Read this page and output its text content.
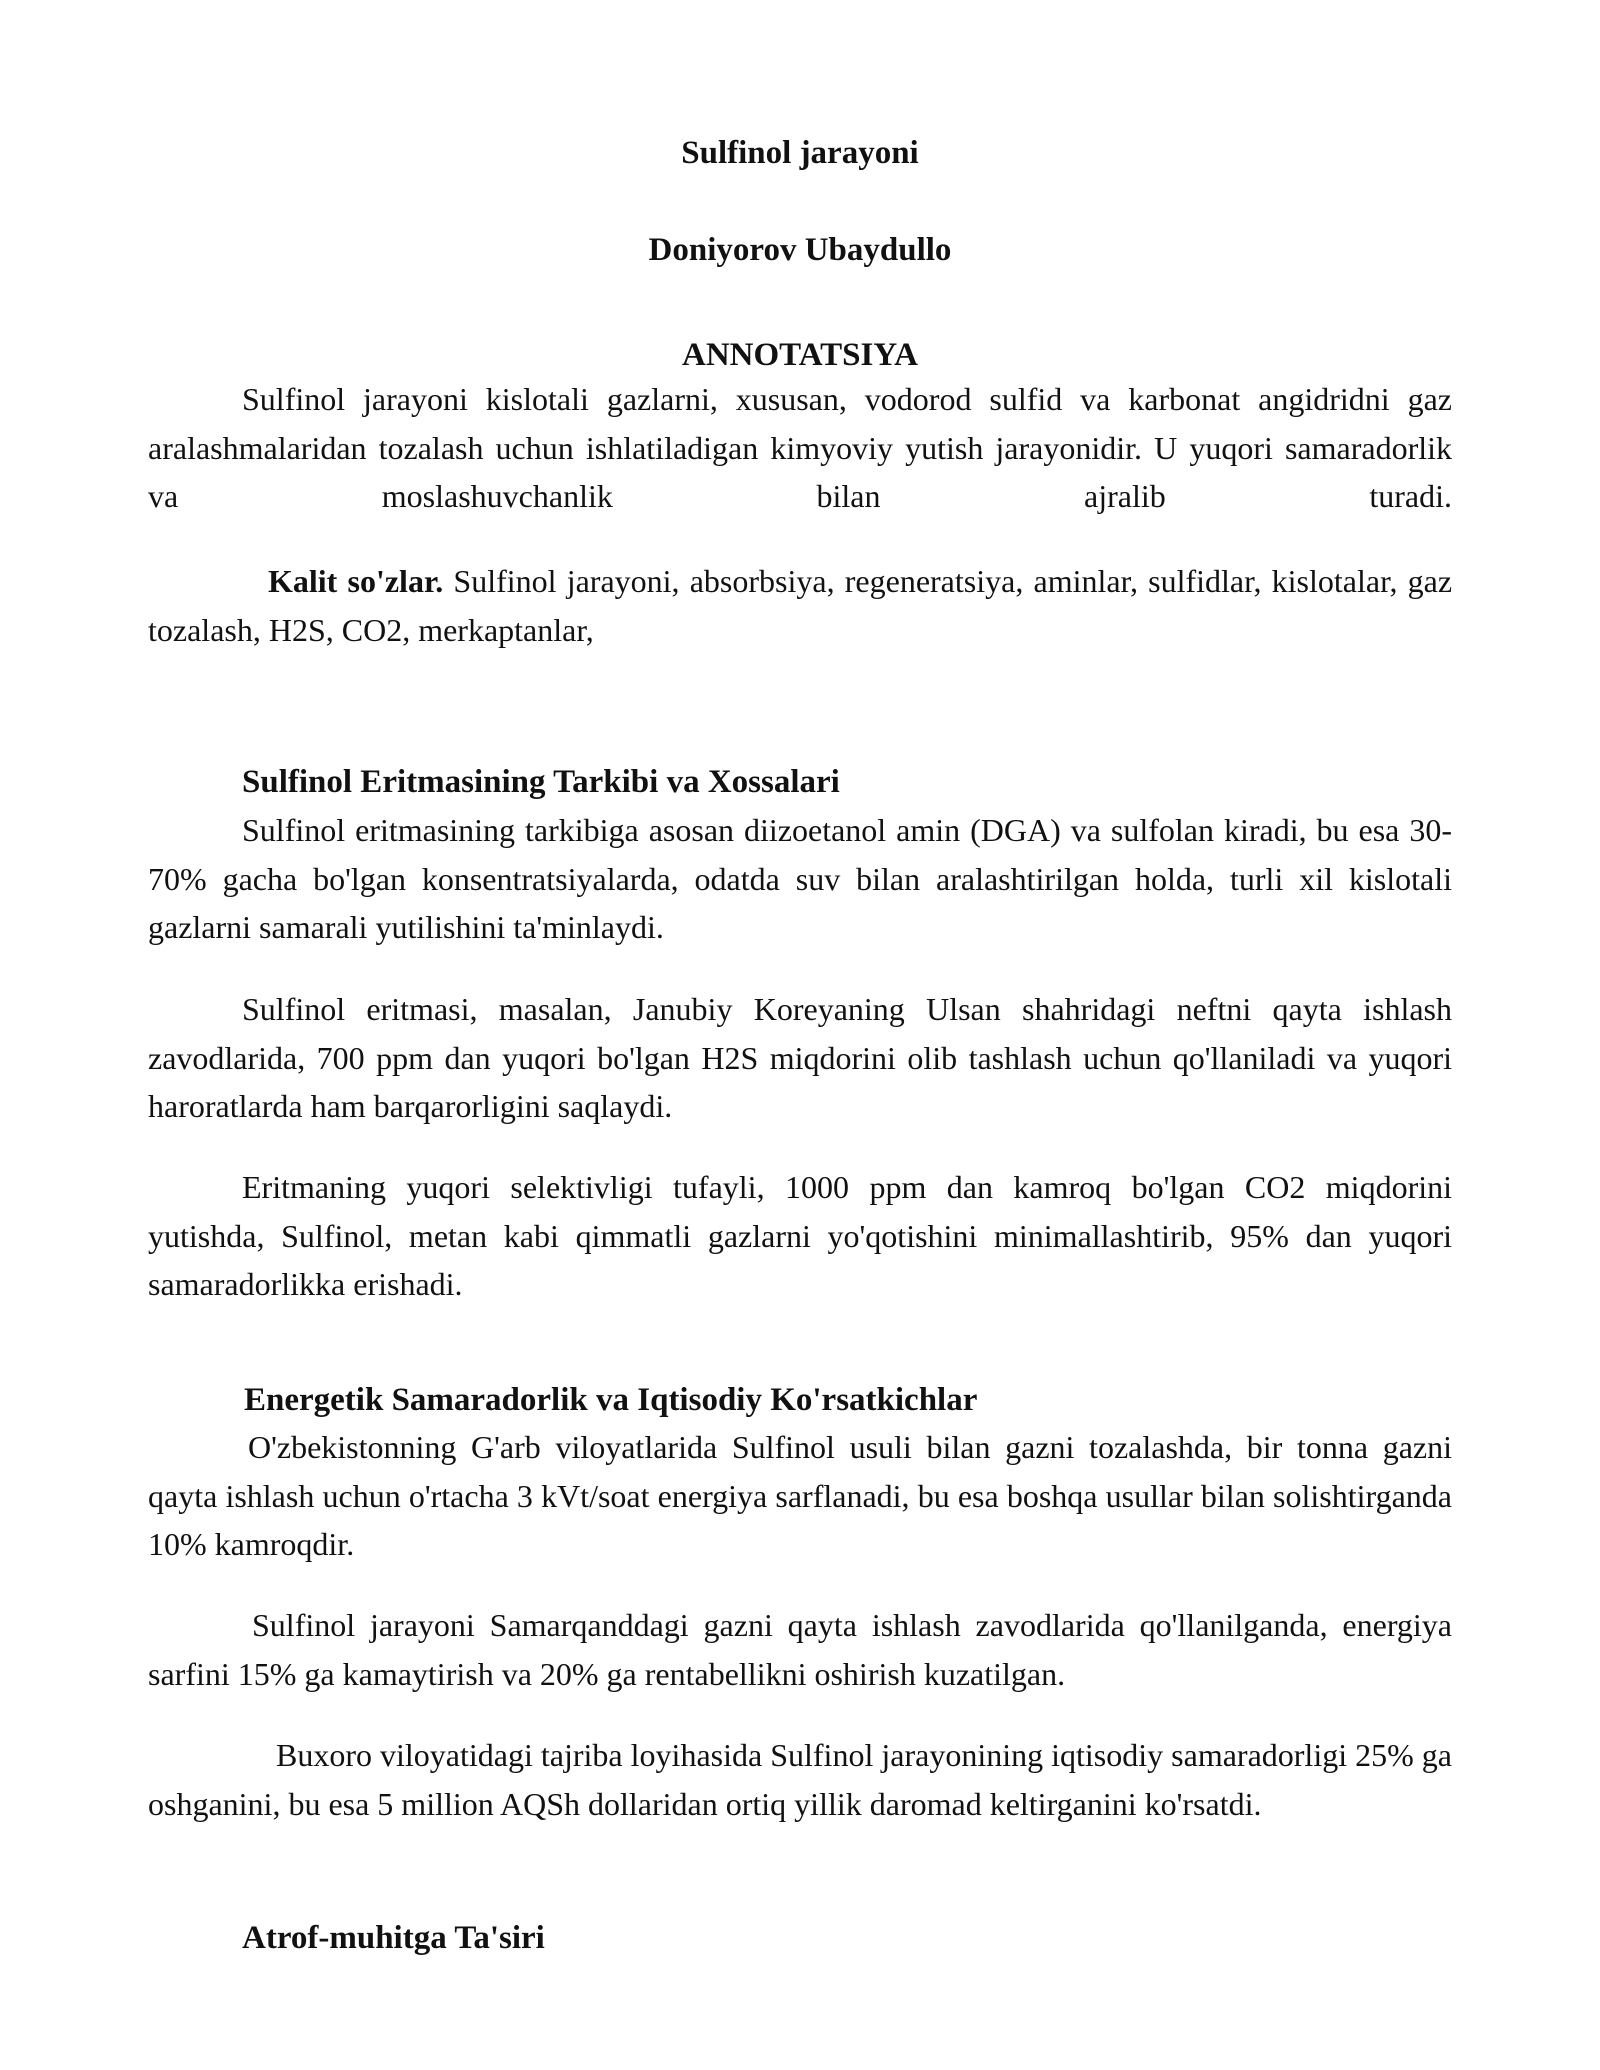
Sulfinol jarayoni
Doniyorov Ubaydullo
ANNOTATSIYA

Sulfinol jarayoni kislotali gazlarni, xususan, vodorod sulfid va karbonat angidridni gaz aralashmalaridan tozalash uchun ishlatiladigan kimyoviy yutish jarayonidir. U yuqori samaradorlik va moslashuvchanlik bilan ajralib turadi.

Kalit so'zlar. Sulfinol jarayoni, absorbsiya, regeneratsiya, aminlar, sulfidlar, kislotalar, gaz tozalash, H2S, CO2, merkaptanlar,

Sulfinol Eritmasining Tarkibi va Xossalari

Sulfinol eritmasining tarkibiga asosan diizoetanol amin (DGA) va sulfolan kiradi, bu esa 30-70% gacha bo'lgan konsentratsiyalarda, odatda suv bilan aralashtirilgan holda, turli xil kislotali gazlarni samarali yutilishini ta'minlaydi.

Sulfinol eritmasi, masalan, Janubiy Koreyaning Ulsan shahridagi neftni qayta ishlash zavodlarida, 700 ppm dan yuqori bo'lgan H2S miqdorini olib tashlash uchun qo'llaniladi va yuqori haroratlarda ham barqarorligini saqlaydi.

Eritmaning yuqori selektivligi tufayli, 1000 ppm dan kamroq bo'lgan CO2 miqdorini yutishda, Sulfinol, metan kabi qimmatli gazlarni yo'qotishini minimallashtirib, 95% dan yuqori samaradorlikka erishadi.

Energetik Samaradorlik va Iqtisodiy Ko'rsatkichlar

O'zbekistonning G'arb viloyatlarida Sulfinol usuli bilan gazni tozalashda, bir tonna gazni qayta ishlash uchun o'rtacha 3 kVt/soat energiya sarflanadi, bu esa boshqa usullar bilan solishtirganda 10% kamroqdir.

Sulfinol jarayoni Samarqanddagi gazni qayta ishlash zavodlarida qo'llanilganda, energiya sarfini 15% ga kamaytirish va 20% ga rentabellikni oshirish kuzatilgan.

Buxoro viloyatidagi tajriba loyihasida Sulfinol jarayonining iqtisodiy samaradorligi 25% ga oshganini, bu esa 5 million AQSh dollaridan ortiq yillik daromad keltirganini ko'rsatdi.

Atrof-muhitga Ta'siri
